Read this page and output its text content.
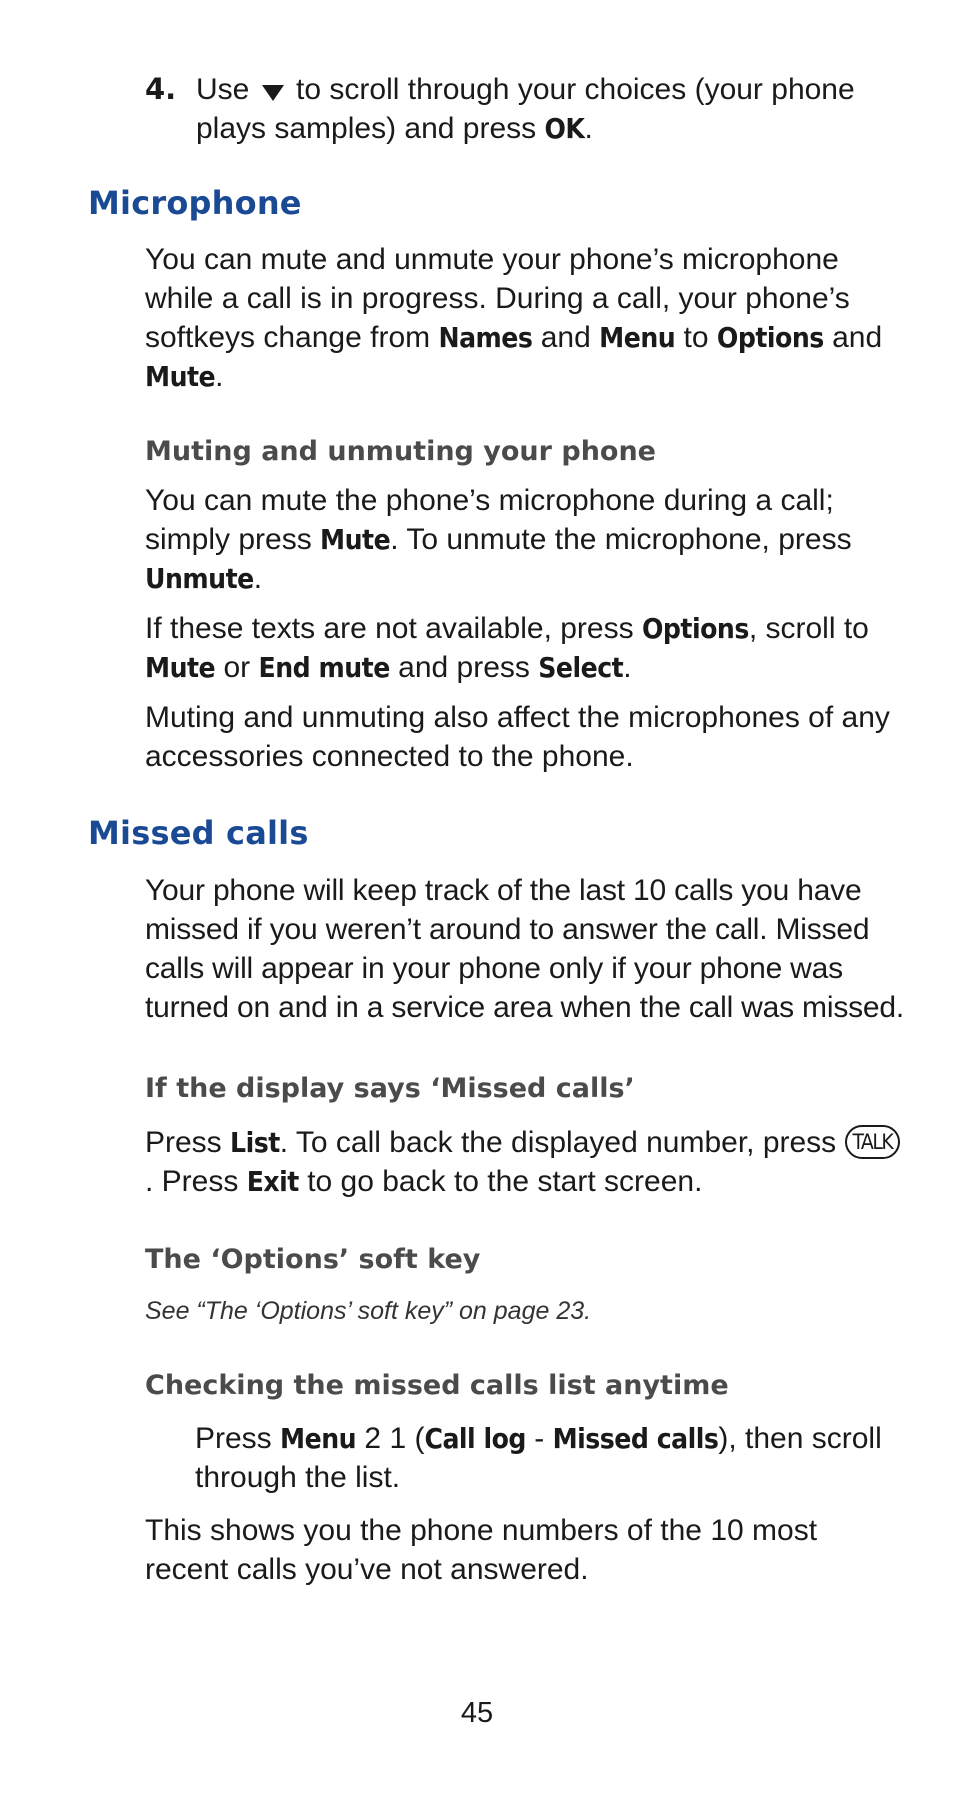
4. Use to scroll through your choices (your phone plays samples) and press OK.

Microphone

You can mute and unmute your phone’s microphone while a call is in progress. During a call, your phone’s softkeys change from Names and Menu to Options and Mute.

Muting and unmuting your phone

You can mute the phone’s microphone during a call; simply press Mute. To unmute the microphone, press Unmute.

If these texts are not available, press Options, scroll to Mute or End mute and press Select.

Muting and unmuting also affect the microphones of any accessories connected to the phone.

Missed calls

Your phone will keep track of the last 10 calls you have missed if you weren’t around to answer the call. Missed calls will appear in your phone only if your phone was turned on and in a service area when the call was missed.

If the display says ‘Missed calls’

Press List. To call back the displayed number, press TALK. Press Exit to go back to the start screen.

The ‘Options’ soft key

See “The ‘Options’ soft key” on page 23.

Checking the missed calls list anytime

Press Menu 2 1 (Call log - Missed calls), then scroll through the list.

This shows you the phone numbers of the 10 most recent calls you’ve not answered.

45
